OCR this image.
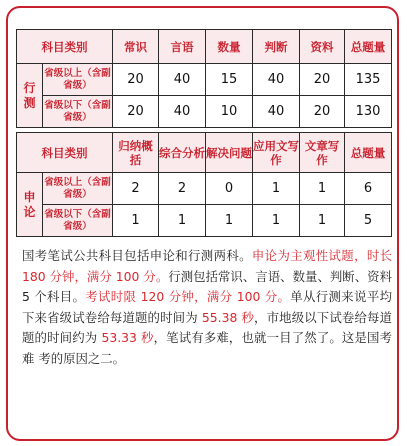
科目类别		常识	言语	数量	判断	资料	总题量
行测	省级以上（含副省级）	20	40	15	40	20	135
	省级以下（含副省级）	20	40	10	40	20	130
科目类别		归纳概括	综合分析	解决问题	应用文写作	文章写作	总题量
申论	省级以上（含副省级）	2	2	0	1	1	6
	省级以下（含副省级）	1	1	1	1	1	5
国考笔试公共科目包括申论和行测两科。申论为主观性试题，时长 180 分钟，满分 100 分。行测包括常识、言语、数量、判断、资料 5 个科目。考试时限 120 分钟，满分 100 分。单从行测来说平均下来省级试卷给每道题的时间为 55.38 秒，市地级以下试卷给每道题的时间约为 53.33 秒，笔试有多难，也就一目了然了。这是国考难 考的原因之二。
